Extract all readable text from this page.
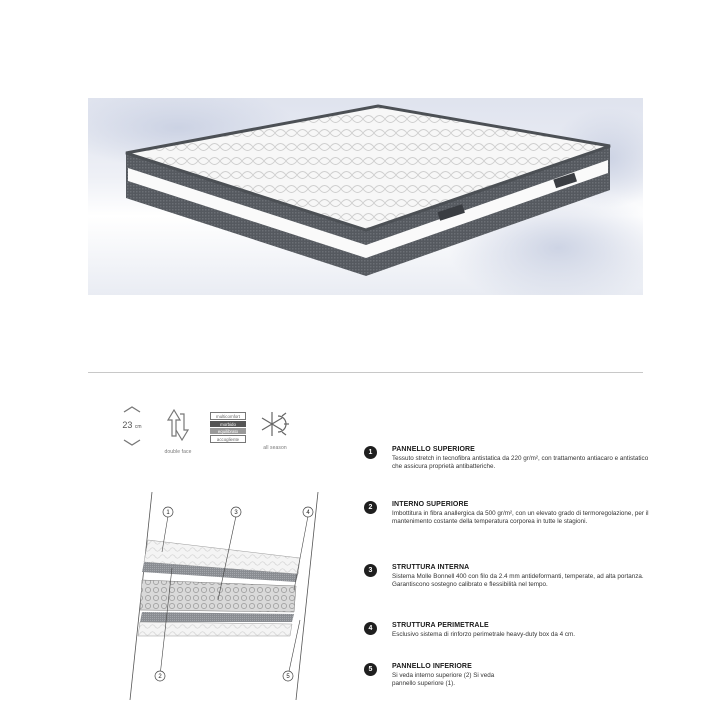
23 cm
double face
multicomfort
morbido
equilibrato
accogliente
all season
1	3	4
2	5
1	PANNELLO SUPERIORE
Tessuto stretch in tecnofibra antistatica da 220 gr/m², con trattamento antiacaro e antistatico che assicura proprietà antibatteriche.
2	INTERNO SUPERIORE
Imbottitura in fibra anallergica da 500 gr/m², con un elevato grado di termoregolazione, per il mantenimento costante della temperatura corporea in tutte le stagioni.
3	STRUTTURA INTERNA
Sistema Molle Bonnell 400 con filo da 2.4 mm antideformanti, temperate, ad alta portanza. Garantiscono sostegno calibrato e flessibilità nel tempo.
4	STRUTTURA PERIMETRALE
Esclusivo sistema di rinforzo perimetrale heavy-duty box da 4 cm.
5	PANNELLO INFERIORE
Si veda interno superiore (2) Si veda pannello superiore (1).
